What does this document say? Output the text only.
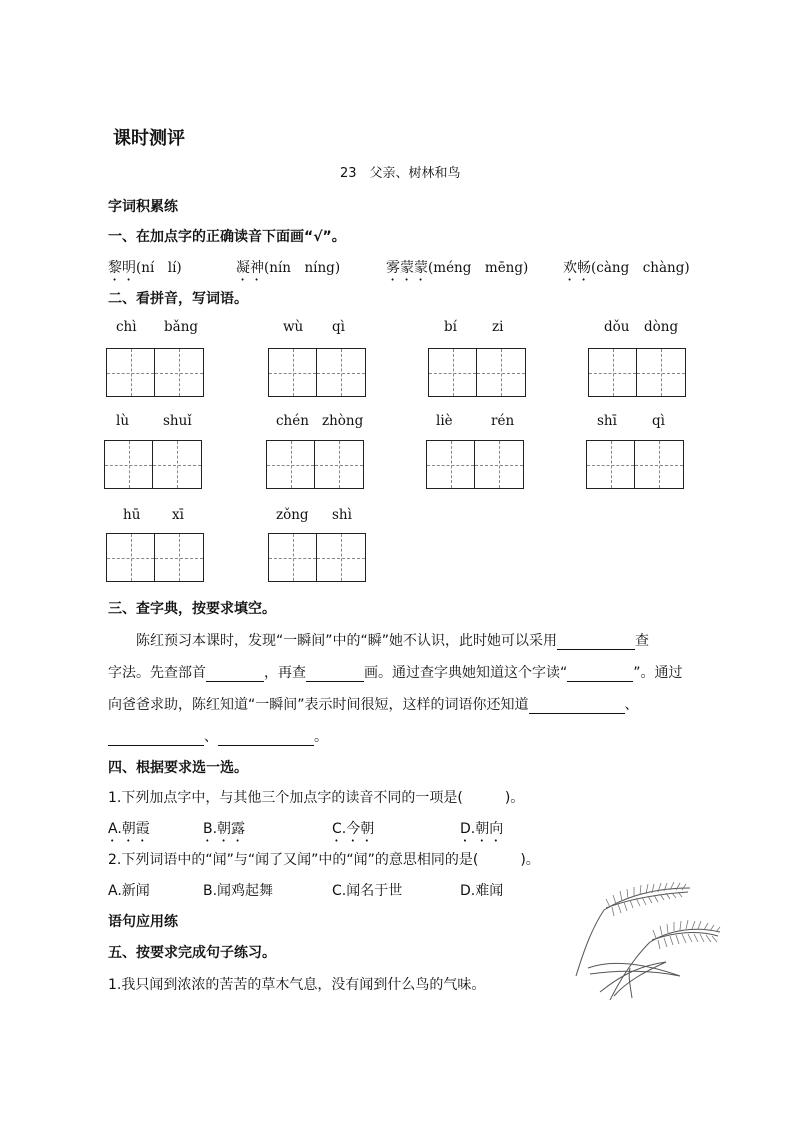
课时测评
23　父亲、树林和鸟
字词积累练
一、在加点字的正确读音下面画“√”。
黎明(ní　lí)	凝神(nín　níng)	雾蒙蒙(méng　mēng) 欢畅(càng　chàng)
二、看拼音，写词语。
chì bǎng	wù qì	bí	zi	dǒu dòng
lù	shuǐ	chén zhòng	liè	rén	shī	qì
hū xī	zǒng shì
三、查字典，按要求填空。
陈红预习本课时，发现“一瞬间”中的“瞬”她不认识，此时她可以采用	查
字法。先查部首	，再查	画。通过查字典她知道这个字读“	”。通过
向爸爸求助，陈红知道“一瞬间”表示时间很短，这样的词语你还知道	、
、	。
四、根据要求选一选。
1.下列加点字中，与其他三个加点字的读音不同的一项是(　　　)。
A.朝霞	B.朝露	C.今朝	D.朝向
2.下列词语中的“闻”与“闻了又闻”中的“闻”的意思相同的是(　　　)。
A.新闻	B.闻鸡起舞	C.闻名于世	D.难闻
语句应用练
五、按要求完成句子练习。
1.我只闻到浓浓的苦苦的草木气息，没有闻到什么鸟的气味。
